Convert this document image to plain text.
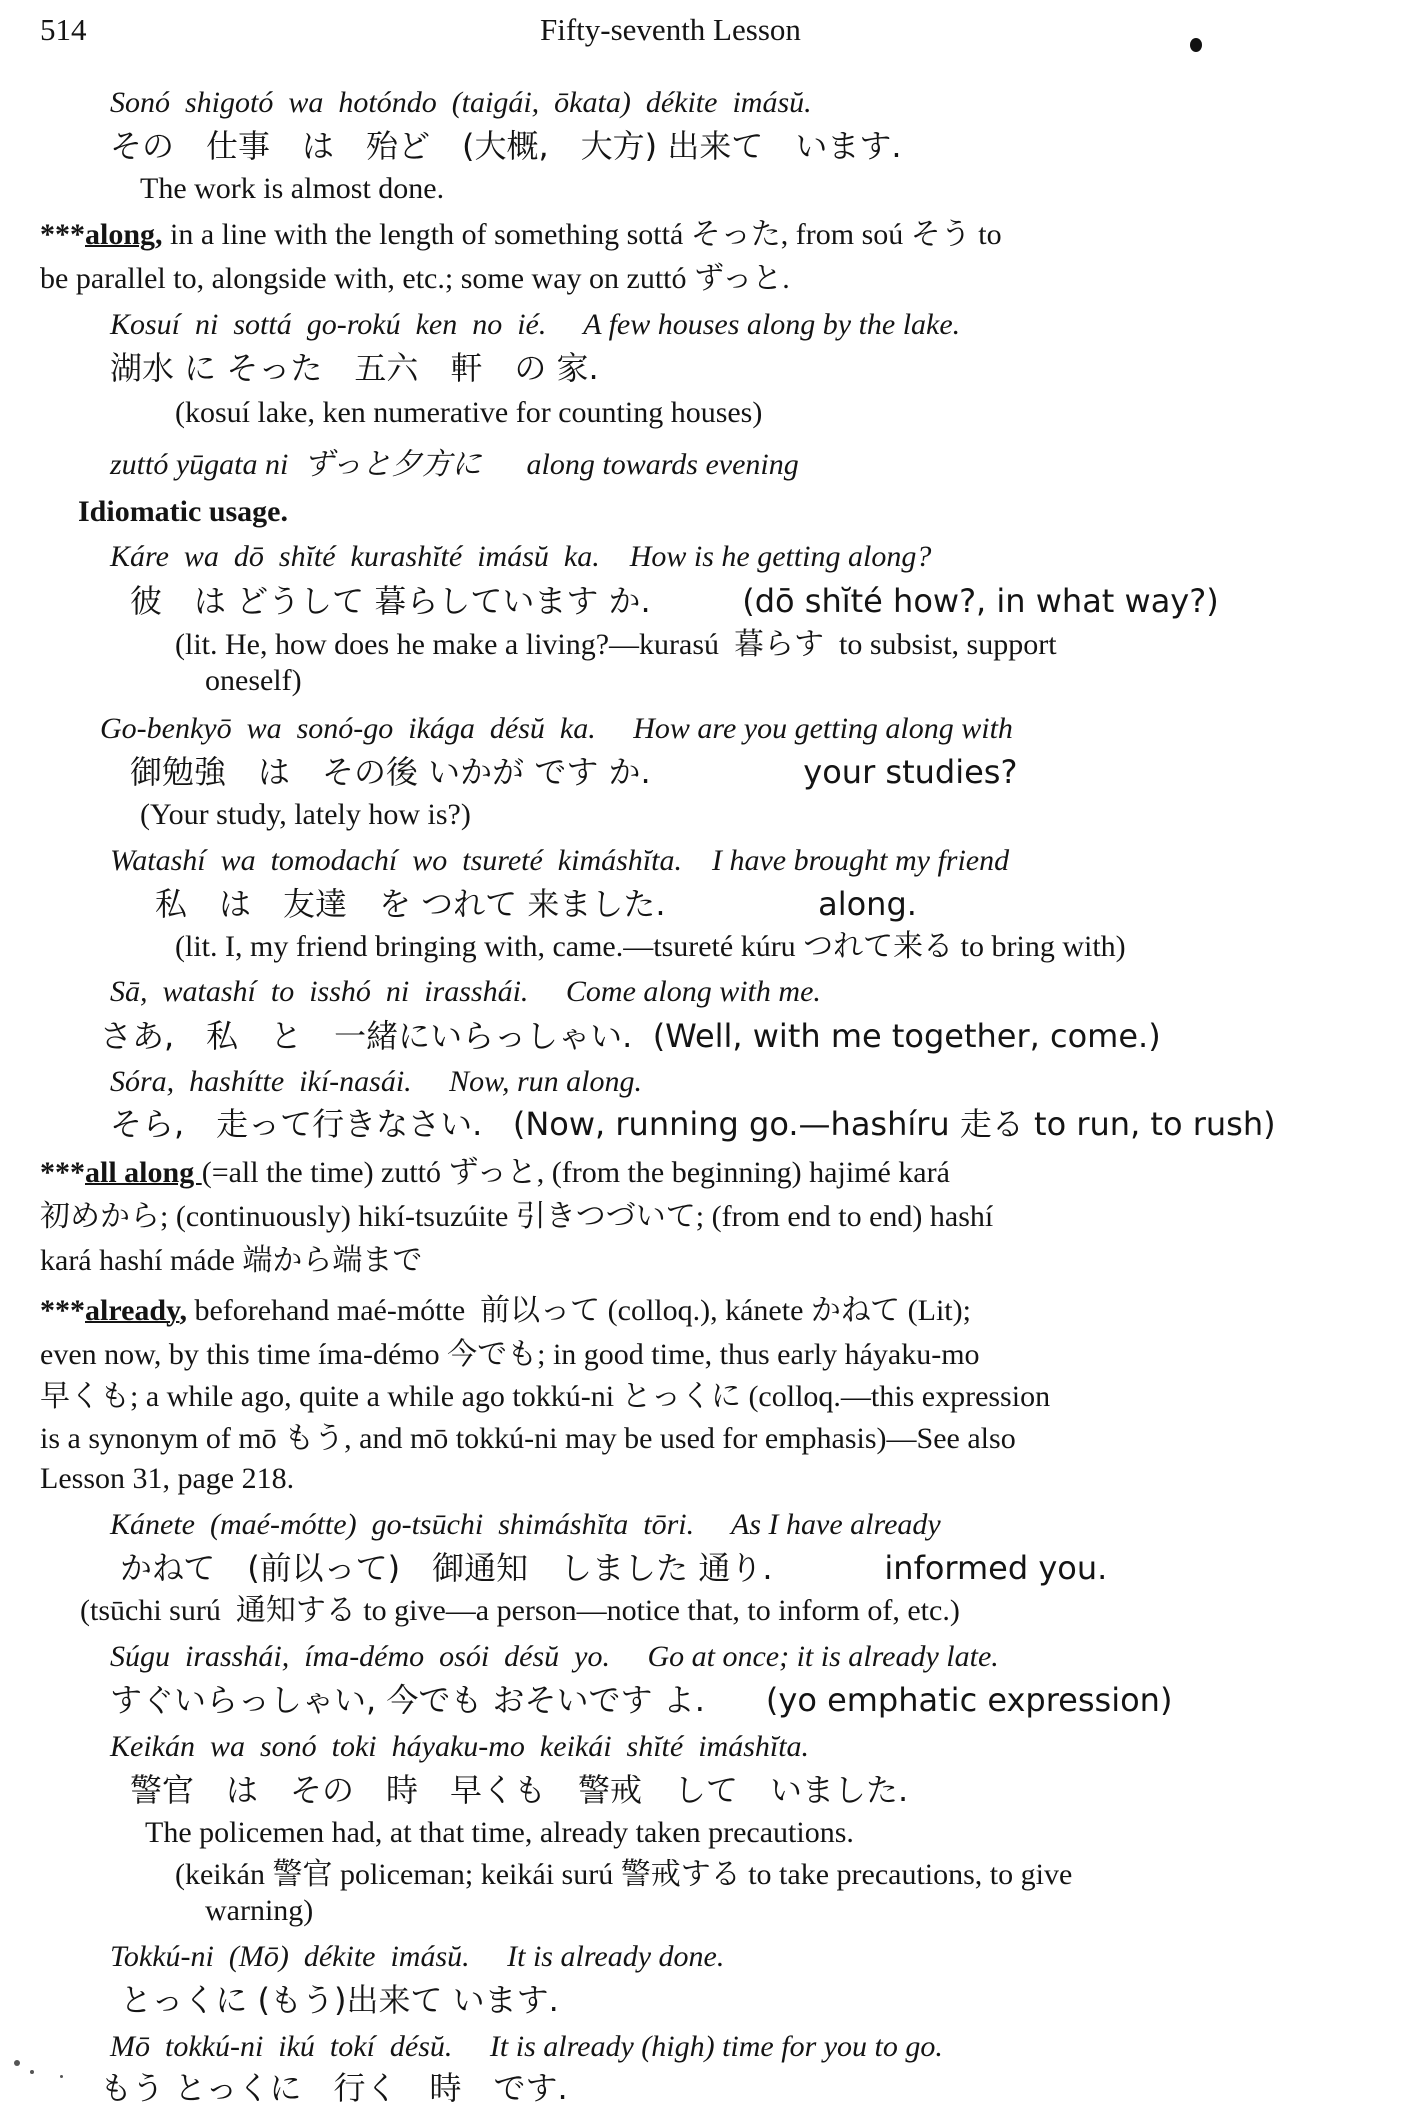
514	Fifty-seventh Lesson
Sonó  shigotó  wa  hotóndo  (taigái,  ōkata)  dékite  imásŭ.
その　仕事　は　殆ど　(大概,　大方) 出来て　います.
The work is almost done.
***along, in a line with the length of something sottá そった, from soú そう to
be parallel to, alongside with, etc.; some way on zuttó ずっと.
Kosuí  ni  sottá  go-rokú  ken  no  ié.     A few houses along by the lake.
湖水 に そった　五六　軒　の 家.
(kosuí lake, ken numerative for counting houses)
zuttó yūgata ni  ずっと夕方に      along towards evening
Idiomatic usage.
Káre  wa  dō  shĭté  kurashĭté  imásŭ  ka.    How is he getting along?
彼　は どうして 暮らしています か.         (dō shĭté how?, in what way?)
(lit. He, how does he make a living?—kurasú  暮らす  to subsist, support
oneself)
Go-benkyō  wa  sonó-go  ikága  désŭ  ka.     How are you getting along with
御勉強　は　その後 いかが です か.               your studies?
(Your study, lately how is?)
Watashí  wa  tomodachí  wo  tsureté  kimáshĭta.    I have brought my friend
私　は　友達　を つれて 来ました.               along.
(lit. I, my friend bringing with, came.—tsureté kúru つれて来る to bring with)
Sā,  watashí  to  isshó  ni  irasshái.     Come along with me.
さあ,　私　と　一緒にいらっしゃい.  (Well, with me together, come.)
Sóra,  hashítte  ikí-nasái.     Now, run along.
そら,　走って行きなさい.   (Now, running go.—hashíru 走る to run, to rush)
***all along (=all the time) zuttó ずっと, (from the beginning) hajimé kará
初めから; (continuously) hikí-tsuzúite 引きつづいて; (from end to end) hashí
kará hashí máde 端から端まで
***already, beforehand maé-mótte  前以って (colloq.), kánete かねて (Lit);
even now, by this time íma-démo 今でも; in good time, thus early háyaku-mo
早くも; a while ago, quite a while ago tokkú-ni とっくに (colloq.—this expression
is a synonym of mō もう, and mō tokkú-ni may be used for emphasis)—See also
Lesson 31, page 218.
Kánete  (maé-mótte)  go-tsūchi  shimáshĭta  tōri.     As I have already
かねて　(前以って)　御通知　しました 通り.           informed you.
(tsūchi surú  通知する to give—a person—notice that, to inform of, etc.)
Súgu  irasshái,  íma-démo  osói  désŭ  yo.     Go at once; it is already late.
すぐいらっしゃい, 今でも おそいです よ.      (yo emphatic expression)
Keikán  wa  sonó  toki  háyaku-mo  keikái  shĭté  imáshĭta.
警官　は　その　時　早くも　警戒　して　いました.
The policemen had, at that time, already taken precautions.
(keikán 警官 policeman; keikái surú 警戒する to take precautions, to give
warning)
Tokkú-ni  (Mō)  dékite  imásŭ.     It is already done.
とっくに (もう)出来て います.
Mō  tokkú-ni  ikú  tokí  désŭ.     It is already (high) time for you to go.
もう とっくに　行く　時　です.
